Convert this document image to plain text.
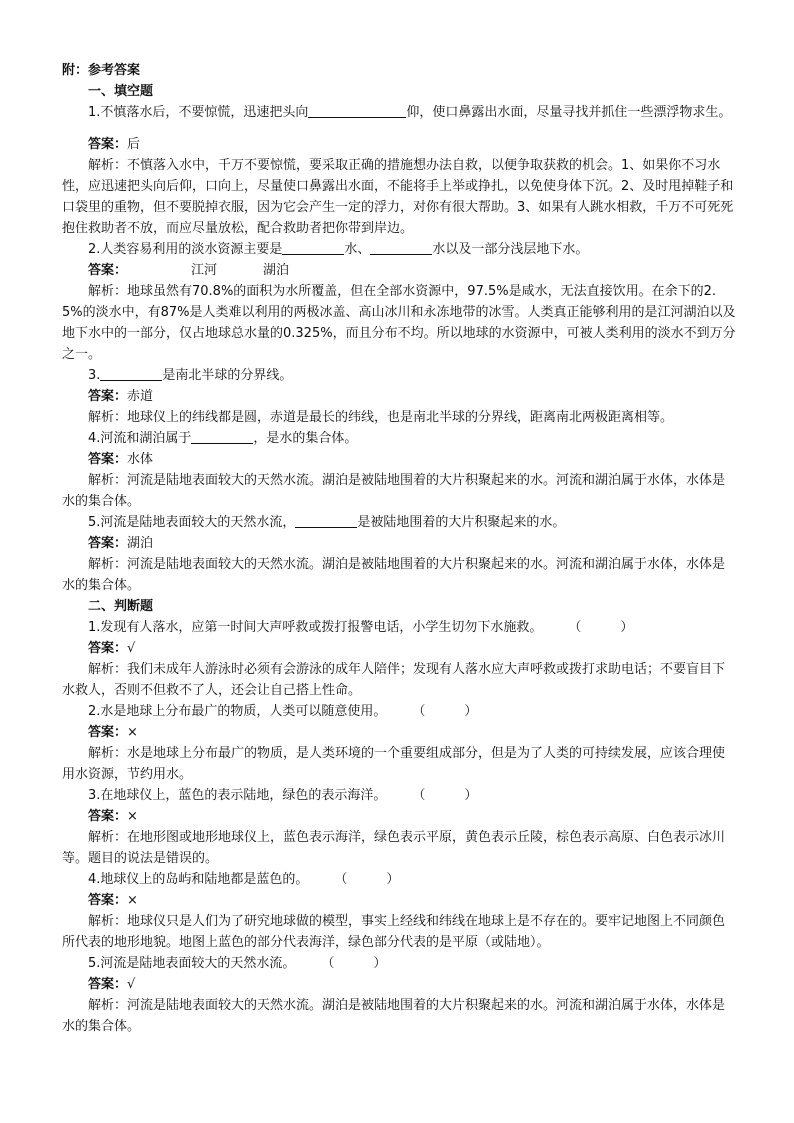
附：参考答案

一、填空题

1.不慎落水后，不要惊慌，迅速把头向	仰，使口鼻露出水面，尽量寻找并抓住一些漂浮物求生。

答案：后

解析：不慎落入水中，千万不要惊慌，要采取正确的措施想办法自救，以便争取获救的机会。1、如果你不习水性，应迅速把头向后仰，口向上，尽量使口鼻露出水面，不能将手上举或挣扎，以免使身体下沉。2、及时甩掉鞋子和口袋里的重物，但不要脱掉衣服，因为它会产生一定的浮力，对你有很大帮助。3、如果有人跳水相救，千万不可死死抱住救助者不放，而应尽量放松，配合救助者把你带到岸边。

2.人类容易利用的淡水资源主要是	水、	水以及一部分浅层地下水。

答案：	江河	湖泊

解析：地球虽然有70.8%的面积为水所覆盖，但在全部水资源中，97.5%是咸水，无法直接饮用。在余下的2.5%的淡水中，有87%是人类难以利用的两极冰盖、高山冰川和永冻地带的冰雪。人类真正能够利用的是江河湖泊以及地下水中的一部分，仅占地球总水量的0.325%，而且分布不均。所以地球的水资源中，可被人类利用的淡水不到万分之一。

3.	是南北半球的分界线。

答案：赤道

解析：地球仪上的纬线都是圆，赤道是最长的纬线，也是南北半球的分界线，距离南北两极距离相等。

4.河流和湖泊属于	，是水的集合体。

答案：水体

解析：河流是陆地表面较大的天然水流。湖泊是被陆地围着的大片积聚起来的水。河流和湖泊属于水体，水体是水的集合体。

5.河流是陆地表面较大的天然水流，	是被陆地围着的大片积聚起来的水。

答案：湖泊

解析：河流是陆地表面较大的天然水流。湖泊是被陆地围着的大片积聚起来的水。河流和湖泊属于水体，水体是水的集合体。

二、判断题

1.发现有人落水，应第一时间大声呼救或拨打报警电话，小学生切勿下水施救。 （　　　）

答案：√

解析：我们未成年人游泳时必须有会游泳的成年人陪伴；发现有人落水应大声呼救或拨打求助电话；不要盲目下水救人，否则不但救不了人，还会让自己搭上性命。

2.水是地球上分布最广的物质，人类可以随意使用。 （　　　）

答案：×

解析：水是地球上分布最广的物质，是人类环境的一个重要组成部分，但是为了人类的可持续发展，应该合理使用水资源，节约用水。

3.在地球仪上，蓝色的表示陆地，绿色的表示海洋。 （　　　）

答案：×

解析：在地形图或地形地球仪上，蓝色表示海洋，绿色表示平原，黄色表示丘陵，棕色表示高原、白色表示冰川等。题目的说法是错误的。

4.地球仪上的岛屿和陆地都是蓝色的。 （　　　）

答案：×

解析：地球仪只是人们为了研究地球做的模型，事实上经线和纬线在地球上是不存在的。要牢记地图上不同颜色所代表的地形地貌。地图上蓝色的部分代表海洋，绿色部分代表的是平原（或陆地）。

5.河流是陆地表面较大的天然水流。 （　　　）

答案：√

解析：河流是陆地表面较大的天然水流。湖泊是被陆地围着的大片积聚起来的水。河流和湖泊属于水体，水体是水的集合体。
